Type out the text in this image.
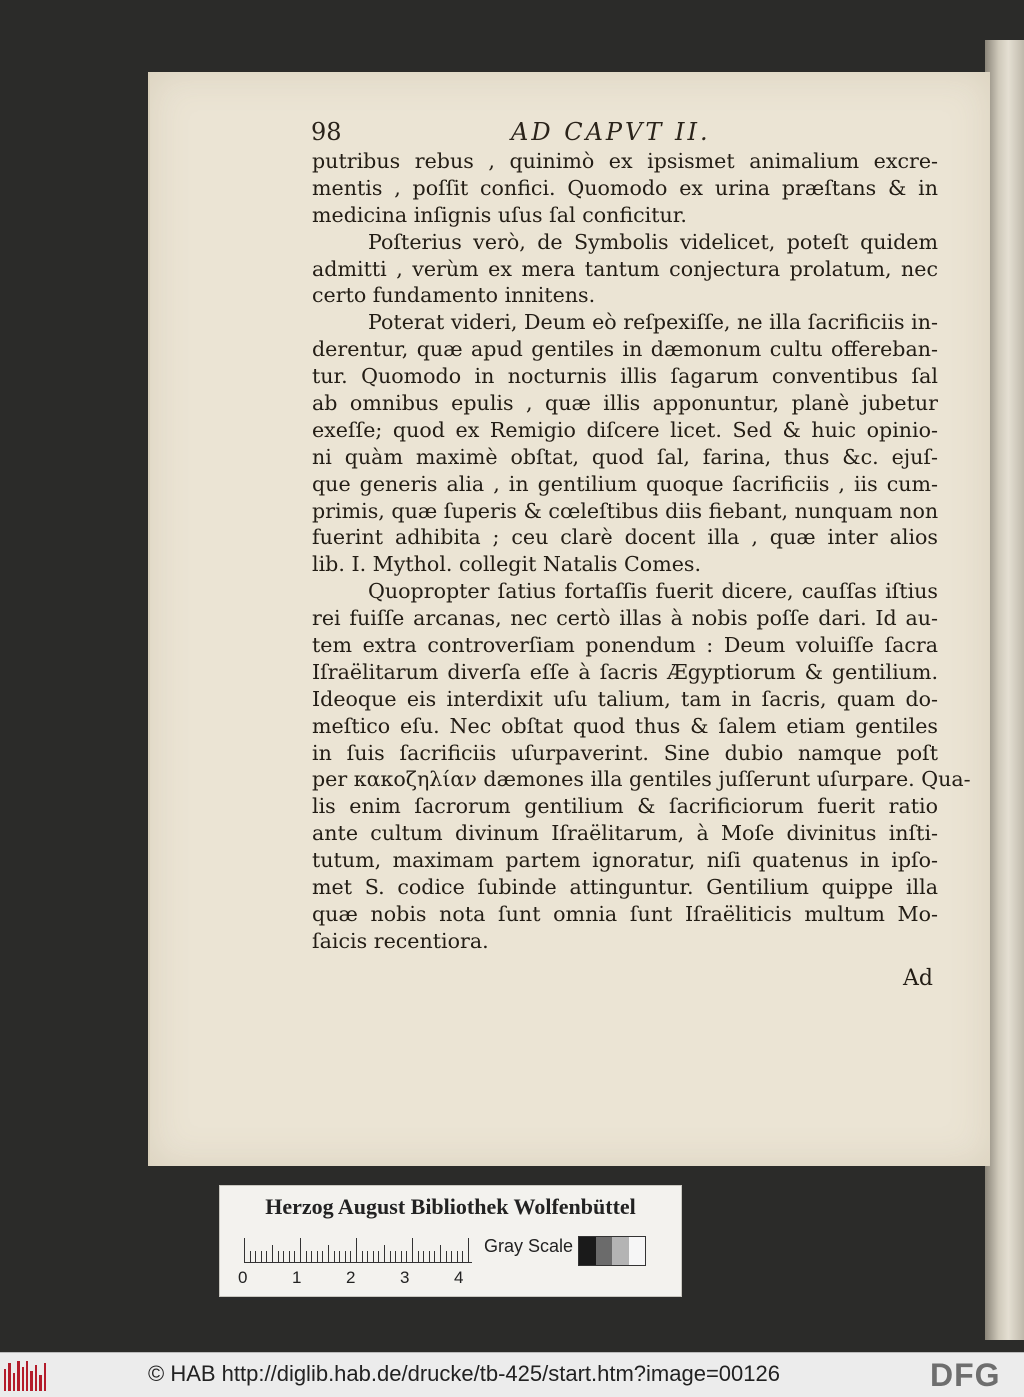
98	AD CAPVT II.
putribus rebus , quinimò ex ipsismet animalium excre-
mentis , poſſit confici. Quomodo ex urina præſtans & in
medicina inſignis uſus ſal conficitur.
Poſterius verò, de Symbolis videlicet, poteſt quidem
admitti , verùm ex mera tantum conjectura prolatum, nec
certo fundamento innitens.
Poterat videri, Deum eò reſpexiſſe, ne illa ſacrificiis in-
derentur, quæ apud gentiles in dæmonum cultu offereban-
tur. Quomodo in nocturnis illis ſagarum conventibus ſal
ab omnibus epulis , quæ illis apponuntur, planè jubetur
exeſſe; quod ex Remigio diſcere licet. Sed & huic opinio-
ni quàm maximè obſtat, quod ſal, farina, thus &c. ejuſ-
que generis alia , in gentilium quoque ſacrificiis , iis cum-
primis, quæ ſuperis & cœleſtibus diis fiebant, nunquam non
fuerint adhibita ; ceu clarè docent illa , quæ inter alios
lib. I. Mythol. collegit Natalis Comes.
Quopropter ſatius fortaſſis fuerit dicere, cauſſas iſtius
rei fuiſſe arcanas, nec certò illas à nobis poſſe dari. Id au-
tem extra controverſiam ponendum : Deum voluiſſe ſacra
Iſraëlitarum diverſa eſſe à ſacris Ægyptiorum & gentilium.
Ideoque eis interdixit uſu talium, tam in ſacris, quam do-
meſtico eſu. Nec obſtat quod thus & ſalem etiam gentiles
in ſuis ſacrificiis uſurpaverint. Sine dubio namque poſt
per κακοζηλίαν dæmones illa gentiles juſſerunt uſurpare. Qua-
lis enim ſacrorum gentilium & ſacrificiorum fuerit ratio
ante cultum divinum Iſraëlitarum, à Moſe divinitus inſti-
tutum, maximam partem ignoratur, niſi quatenus in ipſo-
met S. codice ſubinde attinguntur. Gentilium quippe illa
quæ nobis nota ſunt omnia ſunt Iſraëliticis multum Mo-
ſaicis recentiora.
Ad
Herzog August Bibliothek Wolfenbüttel
0	1	2	3	4
Gray Scale
© HAB http://diglib.hab.de/drucke/tb-425/start.htm?image=00126	DFG
